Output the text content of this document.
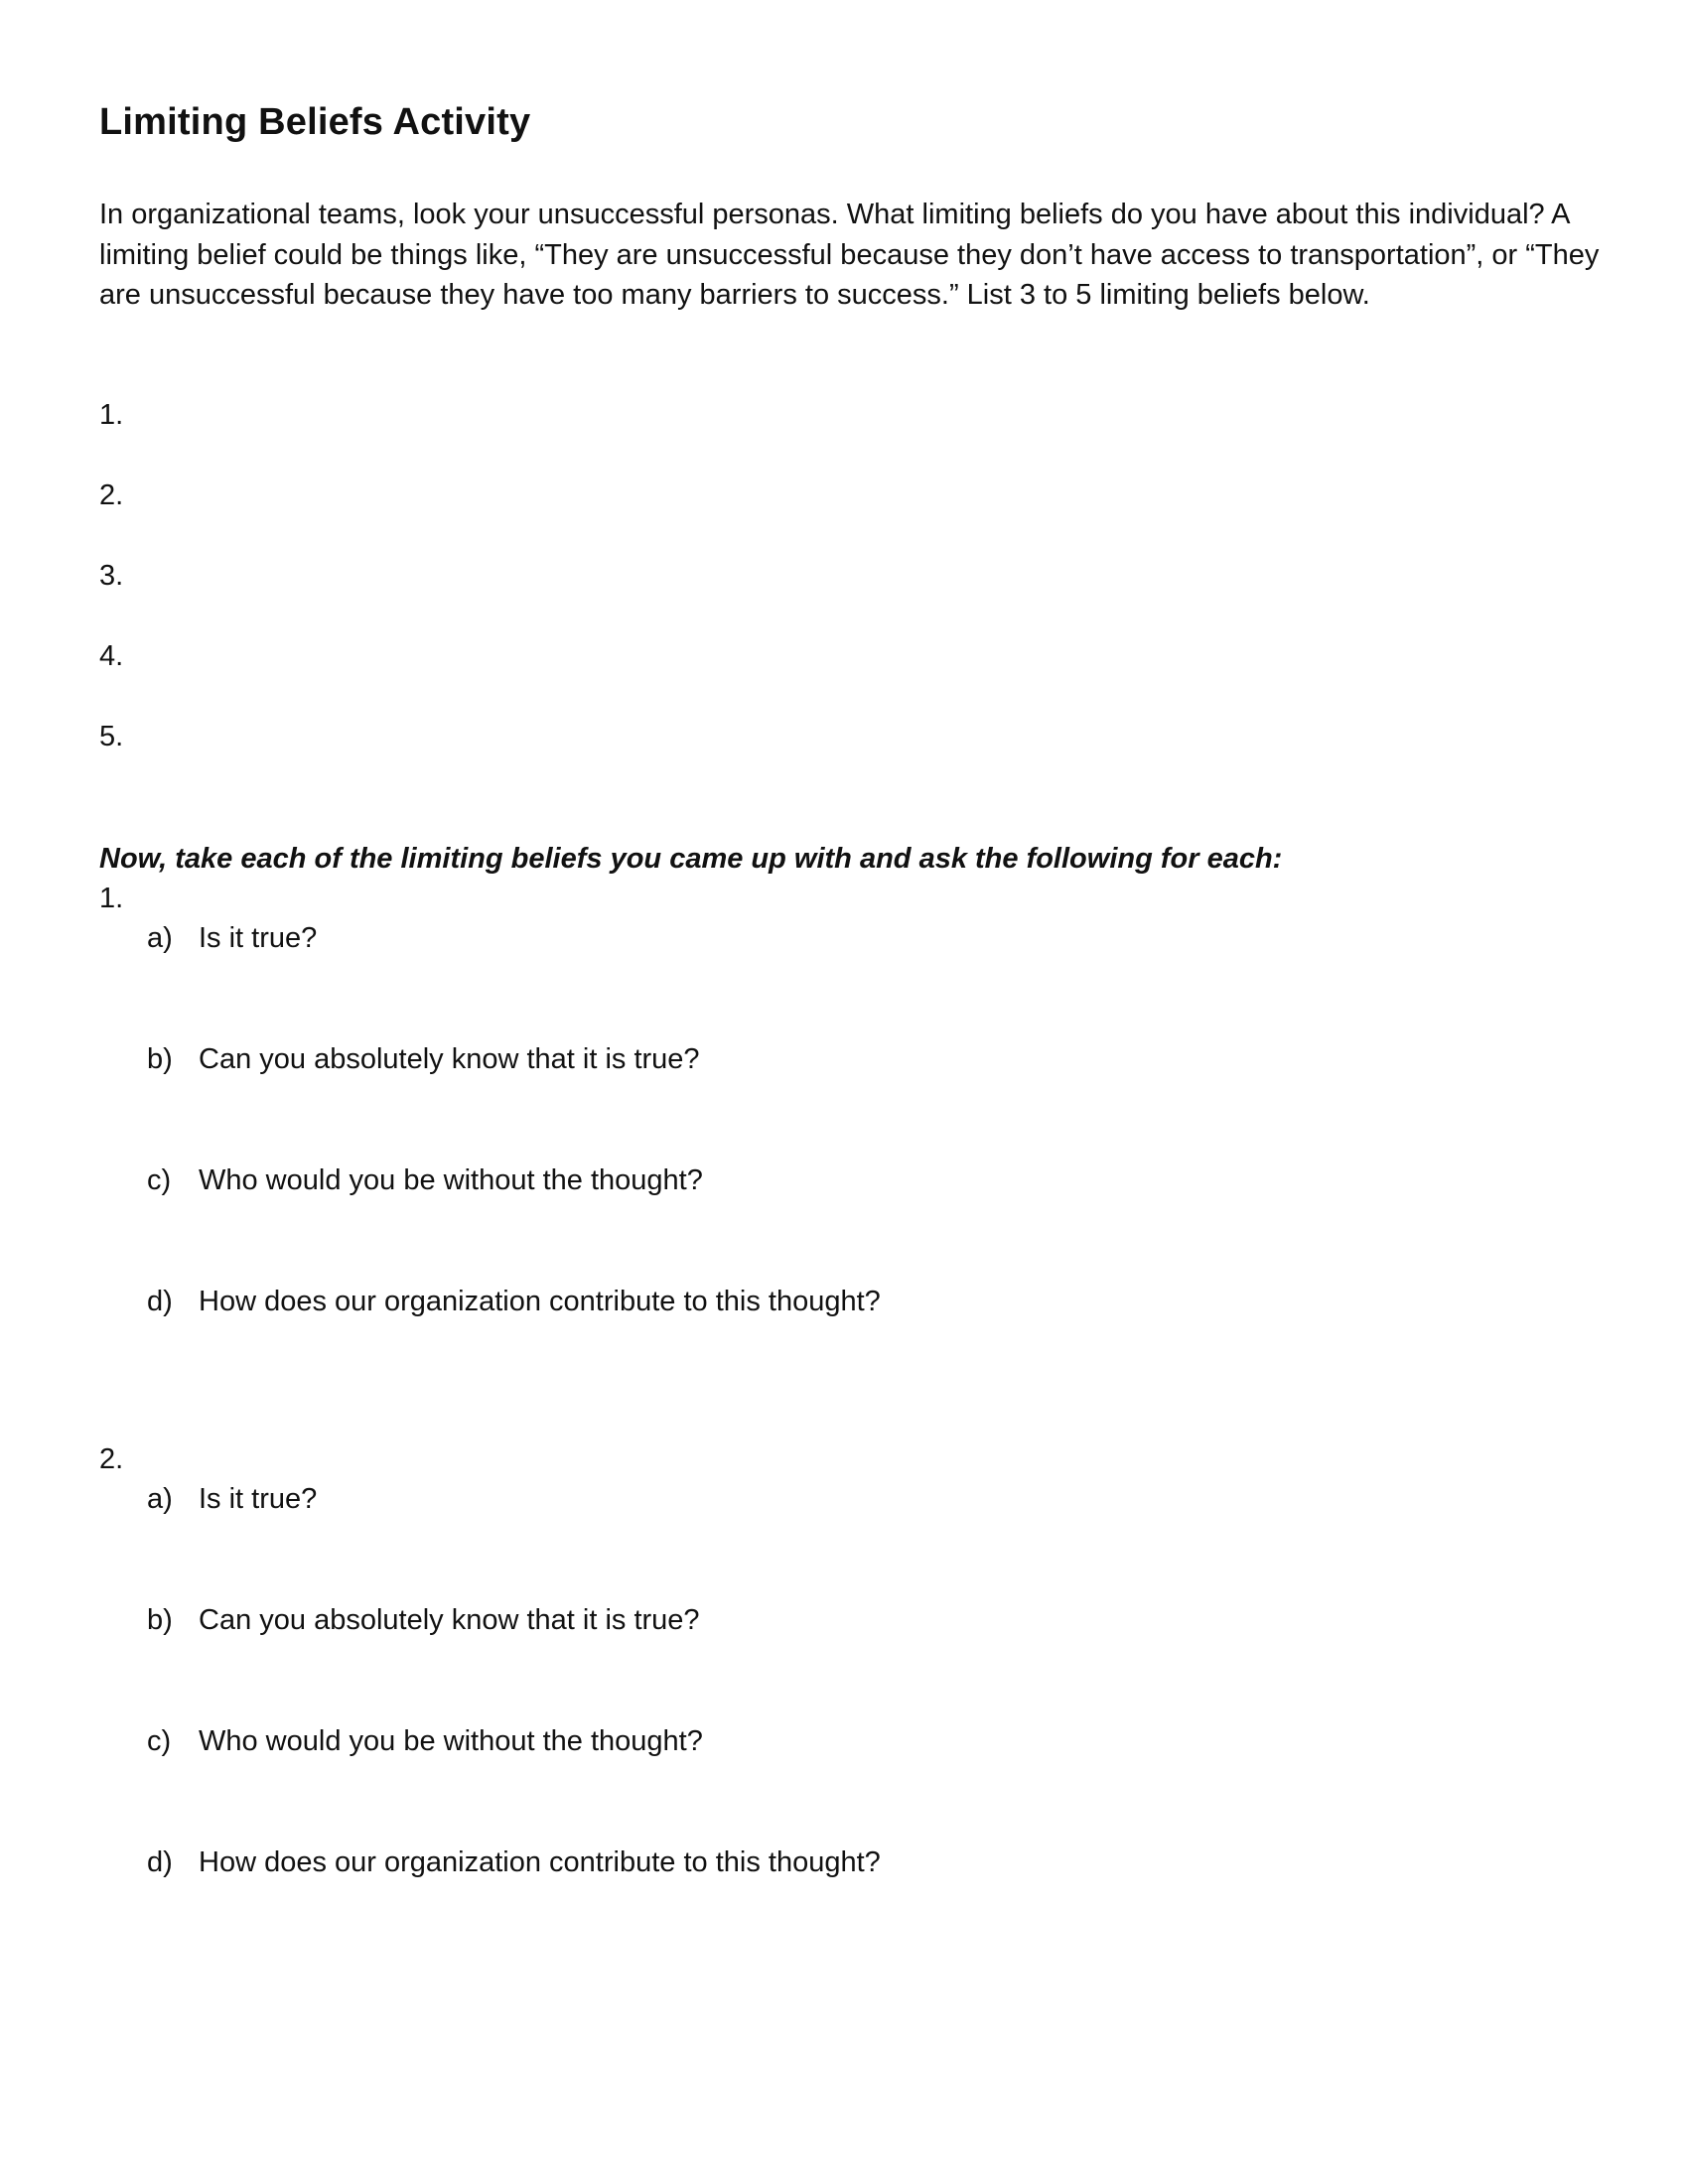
Limiting Beliefs Activity
In organizational teams, look your unsuccessful personas. What limiting beliefs do you have about this individual? A limiting belief could be things like, “They are unsuccessful because they don’t have access to transportation”, or “They are unsuccessful because they have too many barriers to success.” List 3 to 5 limiting beliefs below.
1.
2.
3.
4.
5.
Now, take each of the limiting beliefs you came up with and ask the following for each:
1.
a) Is it true?
b) Can you absolutely know that it is true?
c) Who would you be without the thought?
d) How does our organization contribute to this thought?
2.
a) Is it true?
b) Can you absolutely know that it is true?
c) Who would you be without the thought?
d) How does our organization contribute to this thought?
